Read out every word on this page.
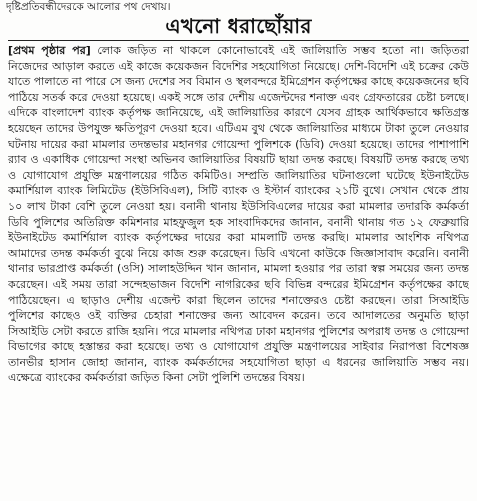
দৃষ্টিপ্রতিবন্ধীদেরকে আলোর পথ দেখায়।
এখনো ধরাছোঁয়ার

[প্রথম পৃষ্ঠার পর] লোক জড়িত না থাকলে কোনোভাবেই এই জালিয়াতি সম্ভব হতো না। জড়িতরা নিজেদের আড়াল করতে এই কাজে কয়েকজন বিদেশির সহযোগিতা নিয়েছে। দেশি-বিদেশি এই চক্রের কেউ যাতে পালাতে না পারে সে জন্য দেশের সব বিমান ও স্থলবন্দরে ইমিগ্রেশন কর্তৃপক্ষের কাছে কয়েকজনের ছবি পাঠিয়ে সতর্ক করে দেওয়া হয়েছে। একই সঙ্গে তার দেশীয় এজেন্টদের শনাক্ত এবং গ্রেফতারের চেষ্টা চলছে। এদিকে বাংলাদেশ ব্যাংক কর্তৃপক্ষ জানিয়েছে, এই জালিয়াতির কারণে যেসব গ্রাহক আর্থিকভাবে ক্ষতিগ্রস্ত হয়েছেন তাদের উপযুক্ত ক্ষতিপূরণ দেওয়া হবে। এটিএম বুথ থেকে জালিয়াতির মাধ্যমে টাকা তুলে নেওয়ার ঘটনায় দায়ের করা মামলার তদন্তভার মহানগর গোয়েন্দা পুলিশকে (ডিবি) দেওয়া হয়েছে। তাদের পাশাপাশি র‍্যাব ও একাধিক গোয়েন্দা সংস্থা অভিনব জালিয়াতির বিষয়টি ছায়া তদন্ত করছে। বিষয়টি তদন্ত করছে তথ্য ও যোগাযোগ প্রযুক্তি মন্ত্রণালয়ের গঠিত কমিটিও। সম্প্রতি জালিয়াতির ঘটনাগুলো ঘটেছে ইউনাইটেড কমার্শিয়াল ব্যাংক লিমিটেড (ইউসিবিএল), সিটি ব্যাংক ও ইস্টার্ন ব্যাংকের ২১টি বুথে। সেখান থেকে প্রায় ১০ লাখ টাকা বেশি তুলে নেওয়া হয়। বনানী থানায় ইউসিবিএলের দায়ের করা মামলার তদারকি কর্মকর্তা ডিবি পুলিশের অতিরিক্ত কমিশনার মাহফুজুল হক সাংবাদিকদের জানান, বনানী থানায় গত ১২ ফেব্রুয়ারি ইউনাইটেড কমার্শিয়াল ব্যাংক কর্তৃপক্ষের দায়ের করা মামলাটি তদন্ত করছি। মামলার আংশিক নথিপত্র আমাদের তদন্ত কর্মকর্তা বুঝে নিয়ে কাজ শুরু করেছেন। ডিবি এখনো কাউকে জিজ্ঞাসাবাদ করেনি। বনানী থানার ভারপ্রাপ্ত কর্মকর্তা (ওসি) সালাহউদ্দিন খান জানান, মামলা হওয়ার পর তারা স্বল্প সময়ের জন্য তদন্ত করেছেন। এই সময় তারা সন্দেহভাজন বিদেশি নাগরিকের ছবি বিভিন্ন বন্দরের ইমিগ্রেশন কর্তৃপক্ষের কাছে পাঠিয়েছেন। এ ছাড়াও দেশীয় এজেন্ট কারা ছিলেন তাদের শনাক্তেরও চেষ্টা করছেন। তারা সিআইডি পুলিশের কাছেও ওই ব্যক্তির চেহারা শনাক্তের জন্য আবেদন করেন। তবে আদালতের অনুমতি ছাড়া সিআইডি সেটা করতে রাজি হয়নি। পরে মামলার নথিপত্র ঢাকা মহানগর পুলিশের অপরাধ তদন্ত ও গোয়েন্দা বিভাগের কাছে হস্তান্তর করা হয়েছে। তথ্য ও যোগাযোগ প্রযুক্তি মন্ত্রণালয়ের সাইবার নিরাপত্তা বিশেষজ্ঞ তানভীর হাসান জোহা জানান, ব্যাংক কর্মকর্তাদের সহযোগিতা ছাড়া এ ধরনের জালিয়াতি সম্ভব নয়। এক্ষেত্রে ব্যাংকের কর্মকর্তারা জড়িত কিনা সেটা পুলিশি তদন্তের বিষয়।
